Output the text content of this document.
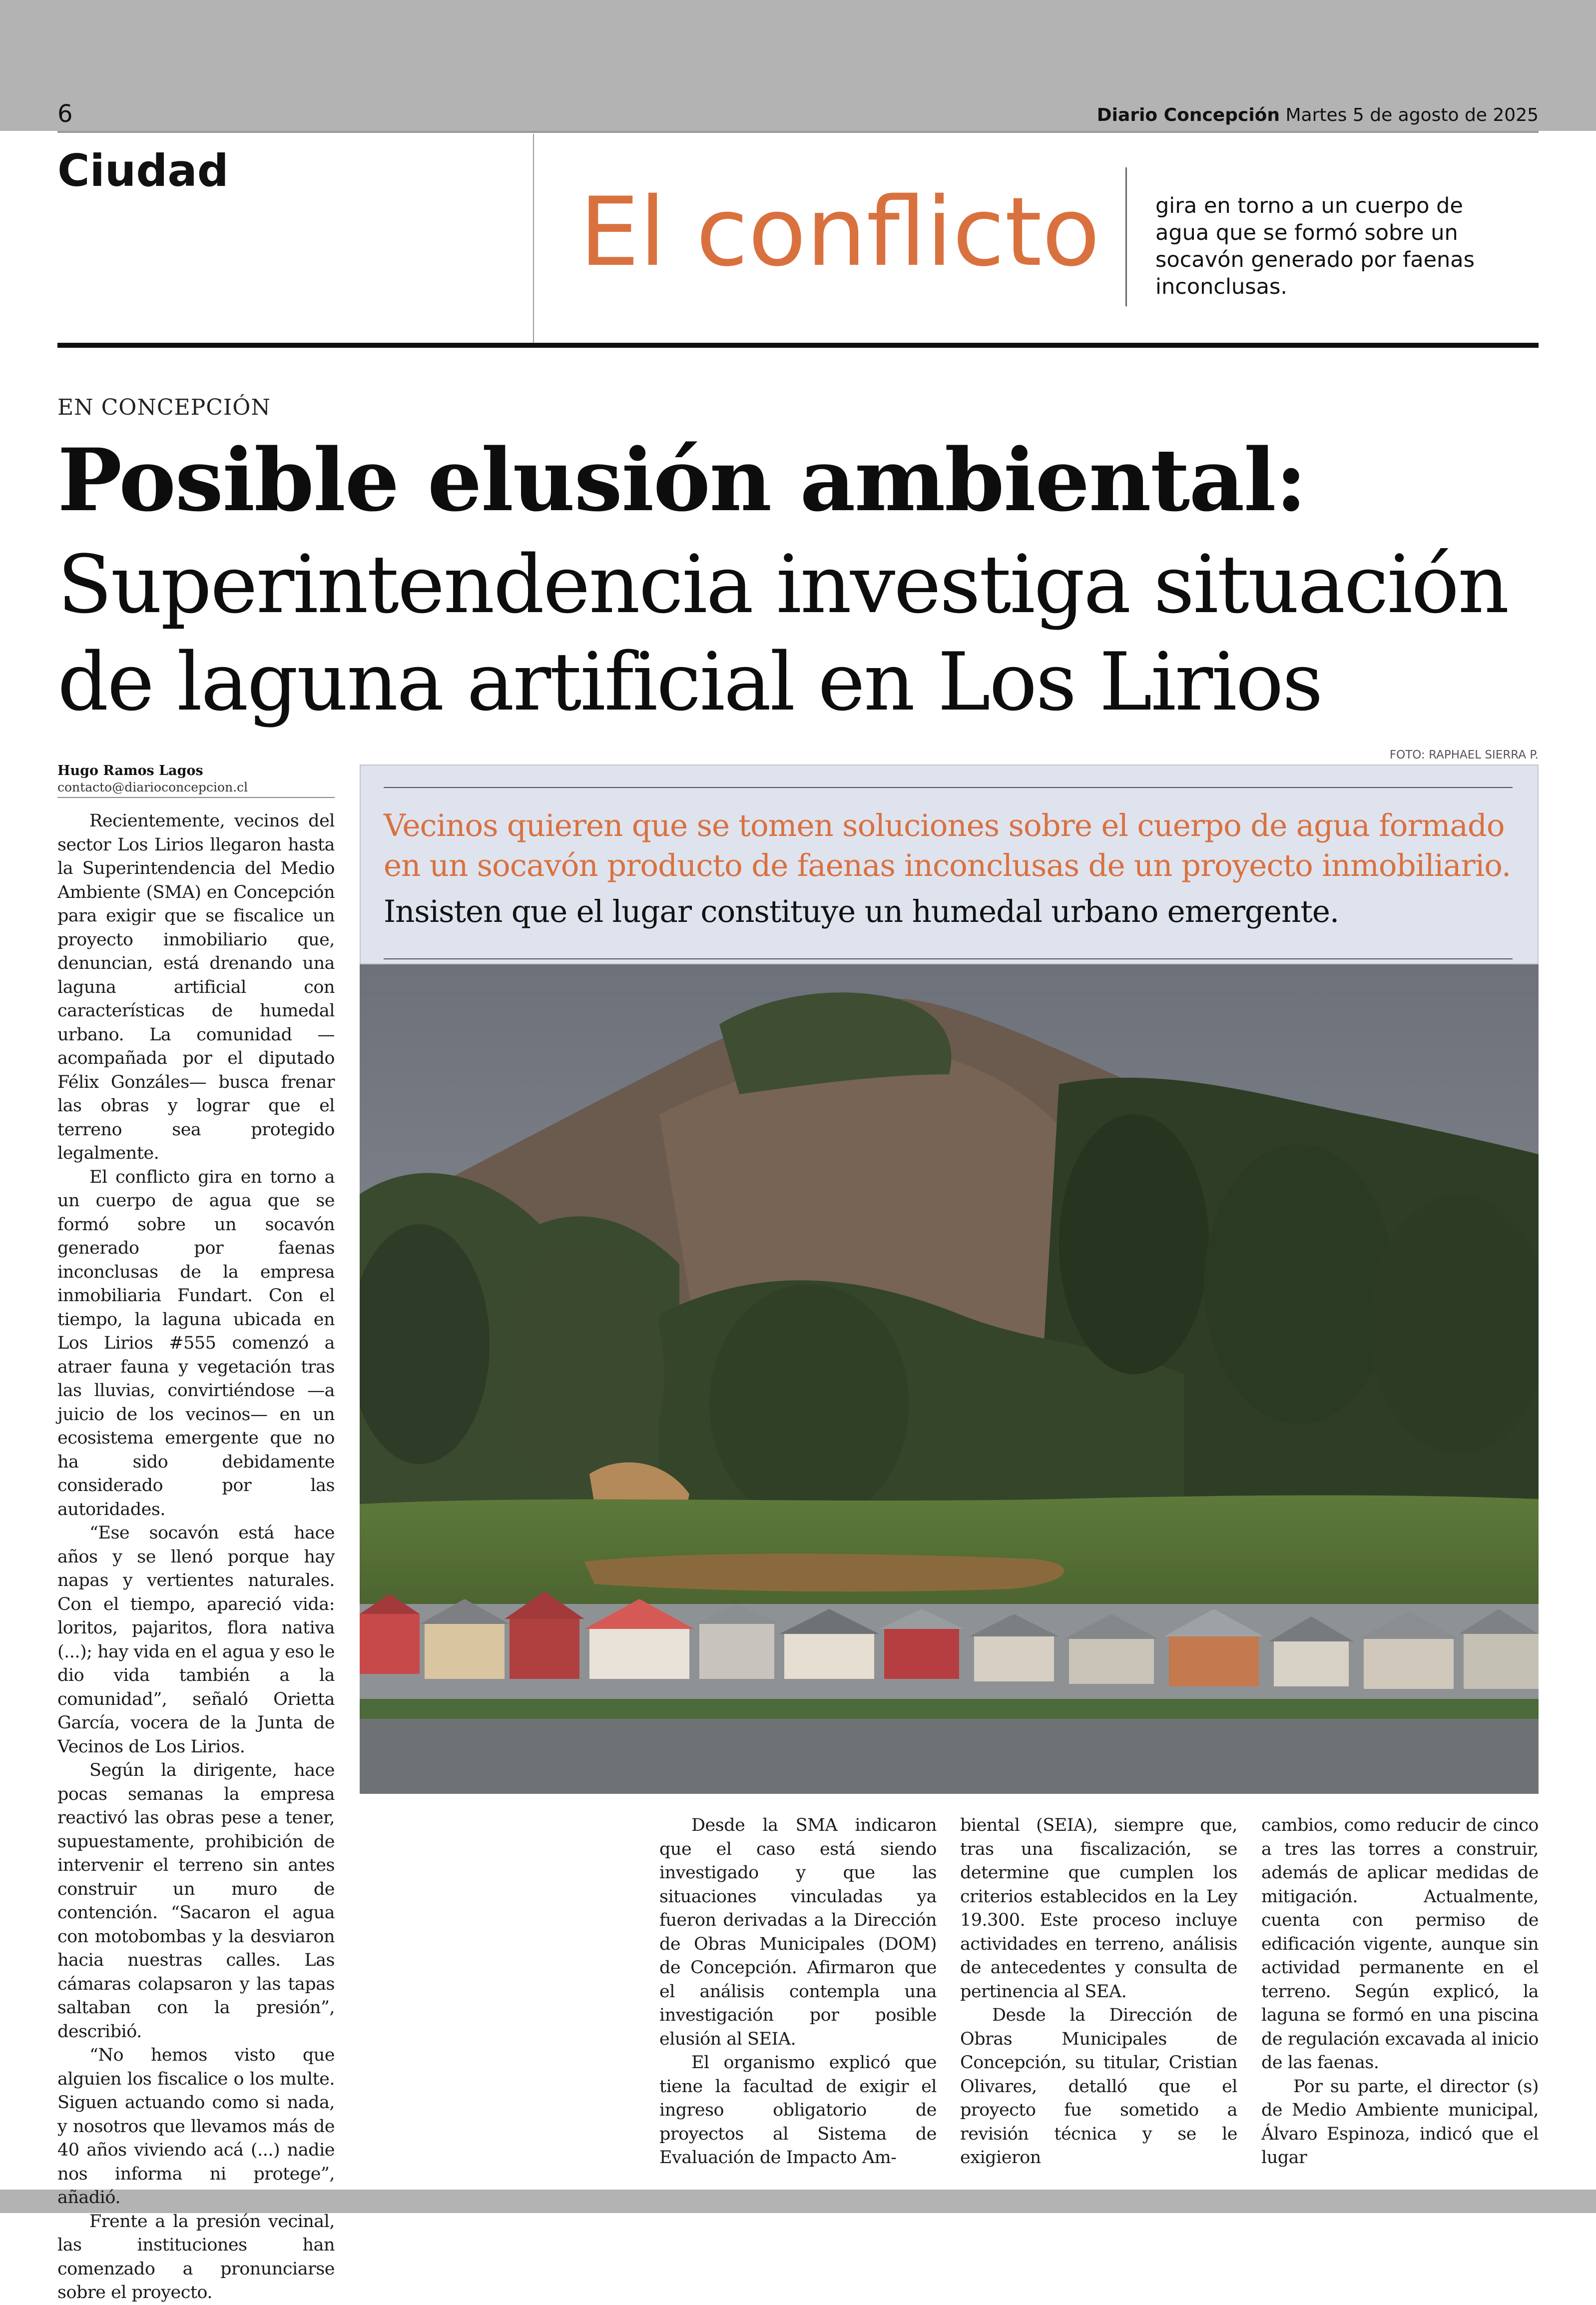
6	Diario Concepción Martes 5 de agosto de 2025
Ciudad
El conflicto	gira en torno a un cuerpo de agua que se formó sobre un socavón generado por faenas inconclusas.
EN CONCEPCIÓN
Posible elusión ambiental:
Superintendencia investiga situación
de laguna artificial en Los Lirios
Hugo Ramos Lagos
contacto@diarioconcepcion.cl
FOTO: RAPHAEL SIERRA P.
Vecinos quieren que se tomen soluciones sobre el cuerpo de agua formado en un socavón producto de faenas inconclusas de un proyecto inmobiliario.
Insisten que el lugar constituye un humedal urbano emergente.

Recientemente, vecinos del sector Los Lirios llegaron hasta la Superintendencia del Medio Ambiente (SMA) en Concepción para exigir que se fiscalice un proyecto inmobiliario que, denuncian, está drenando una laguna artificial con características de humedal urbano. La comunidad —acompañada por el diputado Félix Gonzáles— busca frenar las obras y lograr que el terreno sea protegido legalmente.

El conflicto gira en torno a un cuerpo de agua que se formó sobre un socavón generado por faenas inconclusas de la empresa inmobiliaria Fundart. Con el tiempo, la laguna ubicada en Los Lirios #555 comenzó a atraer fauna y vegetación tras las lluvias, convirtiéndose —a juicio de los vecinos— en un ecosistema emergente que no ha sido debidamente considerado por las autoridades.

“Ese socavón está hace años y se llenó porque hay napas y vertientes naturales. Con el tiempo, apareció vida: loritos, pajaritos, flora nativa (...); hay vida en el agua y eso le dio vida también a la comunidad”, señaló Orietta García, vocera de la Junta de Vecinos de Los Lirios.

Según la dirigente, hace pocas semanas la empresa reactivó las obras pese a tener, supuestamente, prohibición de intervenir el terreno sin antes construir un muro de contención. “Sacaron el agua con motobombas y la desviaron hacia nuestras calles. Las cámaras colapsaron y las tapas saltaban con la presión”, describió.

“No hemos visto que alguien los fiscalice o los multe. Siguen actuando como si nada, y nosotros que llevamos más de 40 años viviendo acá (...) nadie nos informa ni protege”, añadió.

Frente a la presión vecinal, las instituciones han comenzado a pronunciarse sobre el proyecto.

Desde la SMA indicaron que el caso está siendo investigado y que las situaciones vinculadas ya fueron derivadas a la Dirección de Obras Municipales (DOM) de Concepción. Afirmaron que el análisis contempla una investigación por posible elusión al SEIA.

El organismo explicó que tiene la facultad de exigir el ingreso obligatorio de proyectos al Sistema de Evaluación de Impacto Am-

biental (SEIA), siempre que, tras una fiscalización, se determine que cumplen los criterios establecidos en la Ley 19.300. Este proceso incluye actividades en terreno, análisis de antecedentes y consulta de pertinencia al SEA.

Desde la Dirección de Obras Municipales de Concepción, su titular, Cristian Olivares, detalló que el proyecto fue sometido a revisión técnica y se le exigieron

cambios, como reducir de cinco a tres las torres a construir, además de aplicar medidas de mitigación. Actualmente, cuenta con permiso de edificación vigente, aunque sin actividad permanente en el terreno. Según explicó, la laguna se formó en una piscina de regulación excavada al inicio de las faenas.

Por su parte, el director (s) de Medio Ambiente municipal, Álvaro Espinoza, indicó que el lugar
